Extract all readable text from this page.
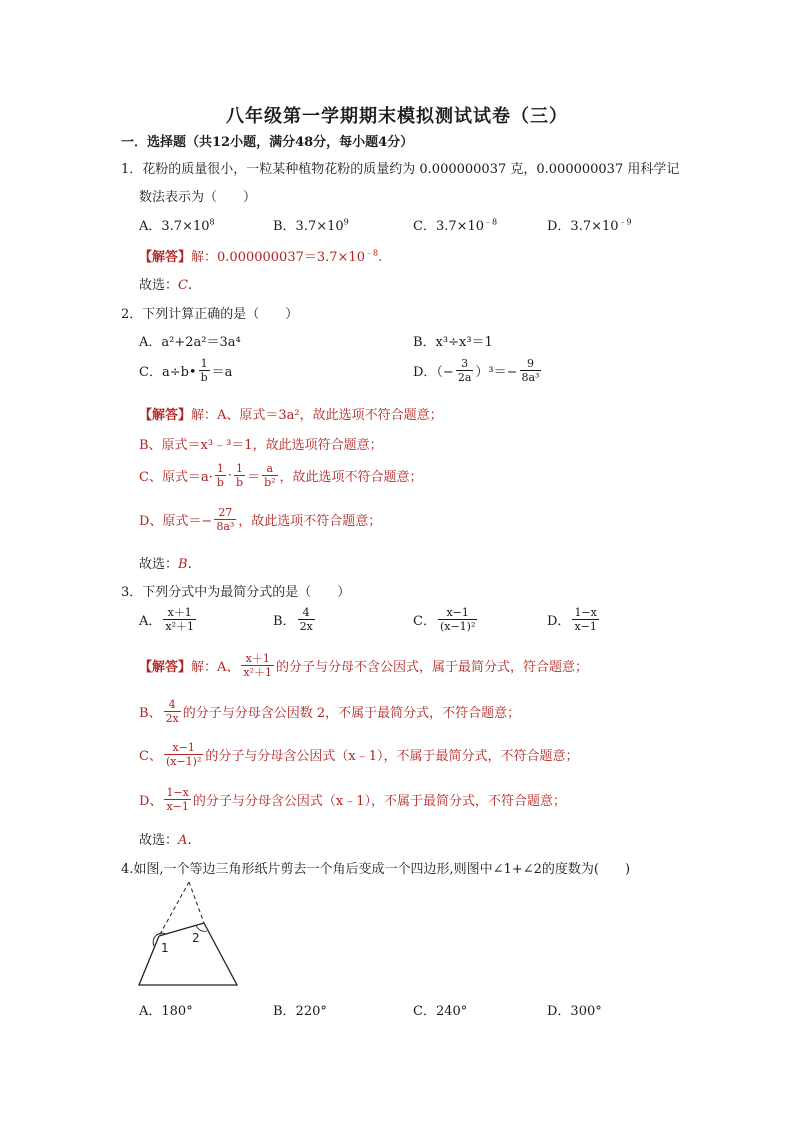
八年级第一学期期末模拟测试试卷（三）
一．选择题（共12小题，满分48分，每小题4分）
1．花粉的质量很小，一粒某种植物花粉的质量约为 0.000000037 克，0.000000037 用科学记
数法表示为（　　）
A．$3.7\times 10^8$	B．$3.7\times 10^9$	C．$3.7\times 10^{﹣8}$	D．$3.7\times 10^{﹣9}$
【解答】解：$0.000000037=3.7\times 10^{﹣8}$.
故选：C.
2．下列计算正确的是（　　）
A．a²+2a²＝3a⁴	B．x³÷x³＝1
C．a÷b• $\frac{1}{b} =a$	D．（− $\frac{3}{2a} )^3=- \frac{9}{\text{8a³}}$
【解答】解：A、原式＝3a²，故此选项不符合题意；
B、原式＝x³﹣³＝1，故此选项符合题意；
C、原式$=a\cdot \frac{1}{b} \cdot \frac{1}{b} = \frac{a}{\text{b²}}$ ，故此选项不符合题意；
D、原式＝− $\frac{27}{\text{8a³}}$ ，故此选项不符合题意；
故选：B.
3．下列分式中为最简分式的是（　　）
A． $\frac{x+1}{\text{x²＋1}}$	B． $\frac{4}{2x}$	C． $\frac{x-1}{\text{(x−1)²}}$	D． $\frac{1-x}{x-1}$
【解答】 解：A、 $\frac{x+1}{\text{x²＋1}}$ 的分子与分母不含公因式，属于最简分式，符合题意；
B、 $\frac{4}{2x}$ 的分子与分母含公因数 2，不属于最简分式，不符合题意；
C、 $\frac{x-1}{\text{(x−1)²}}$ 的分子与分母含公因式（x﹣1），不属于最简分式，不符合题意；
D、 $\frac{1-x}{x-1}$ 的分子与分母含公因式（x﹣1），不属于最简分式，不符合题意；
故选：A.
4.如图,一个等边三角形纸片剪去一个角后变成一个四边形,则图中∠1+∠2的度数为(　　)
1
2
A．180°	B．220°	C．240°	D．300°
